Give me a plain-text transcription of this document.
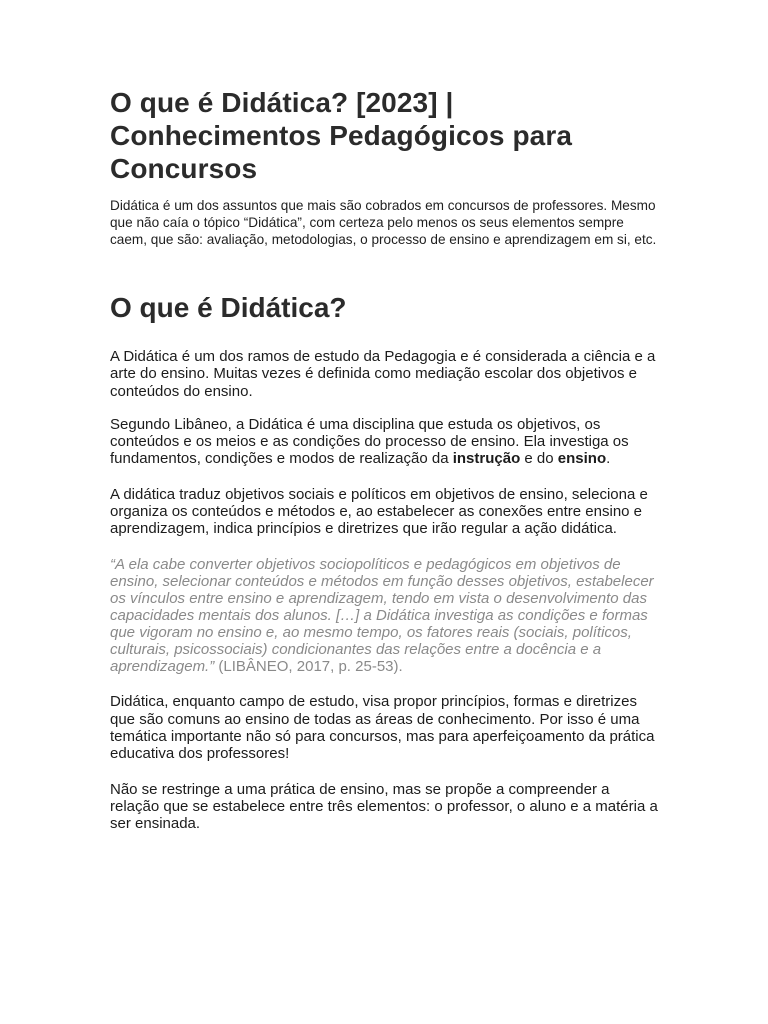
O que é Didática? [2023] | Conhecimentos Pedagógicos para Concursos

Didática é um dos assuntos que mais são cobrados em concursos de professores. Mesmo que não caía o tópico “Didática”, com certeza pelo menos os seus elementos sempre caem, que são: avaliação, metodologias, o processo de ensino e aprendizagem em si, etc.

O que é Didática?

A Didática é um dos ramos de estudo da Pedagogia e é considerada a ciência e a arte do ensino. Muitas vezes é definida como mediação escolar dos objetivos e conteúdos do ensino.

Segundo Libâneo, a Didática é uma disciplina que estuda os objetivos, os conteúdos e os meios e as condições do processo de ensino. Ela investiga os fundamentos, condições e modos de realização da instrução e do ensino.

A didática traduz objetivos sociais e políticos em objetivos de ensino, seleciona e organiza os conteúdos e métodos e, ao estabelecer as conexões entre ensino e aprendizagem, indica princípios e diretrizes que irão regular a ação didática.

“A ela cabe converter objetivos sociopolíticos e pedagógicos em objetivos de ensino, selecionar conteúdos e métodos em função desses objetivos, estabelecer os vínculos entre ensino e aprendizagem, tendo em vista o desenvolvimento das capacidades mentais dos alunos. […] a Didática investiga as condições e formas que vigoram no ensino e, ao mesmo tempo, os fatores reais (sociais, políticos, culturais, psicossociais) condicionantes das relações entre a docência e a aprendizagem.” (LIBÂNEO, 2017, p. 25-53).

Didática, enquanto campo de estudo, visa propor princípios, formas e diretrizes que são comuns ao ensino de todas as áreas de conhecimento. Por isso é uma temática importante não só para concursos, mas para aperfeiçoamento da prática educativa dos professores!

Não se restringe a uma prática de ensino, mas se propõe a compreender a relação que se estabelece entre três elementos: o professor, o aluno e a matéria a ser ensinada.
